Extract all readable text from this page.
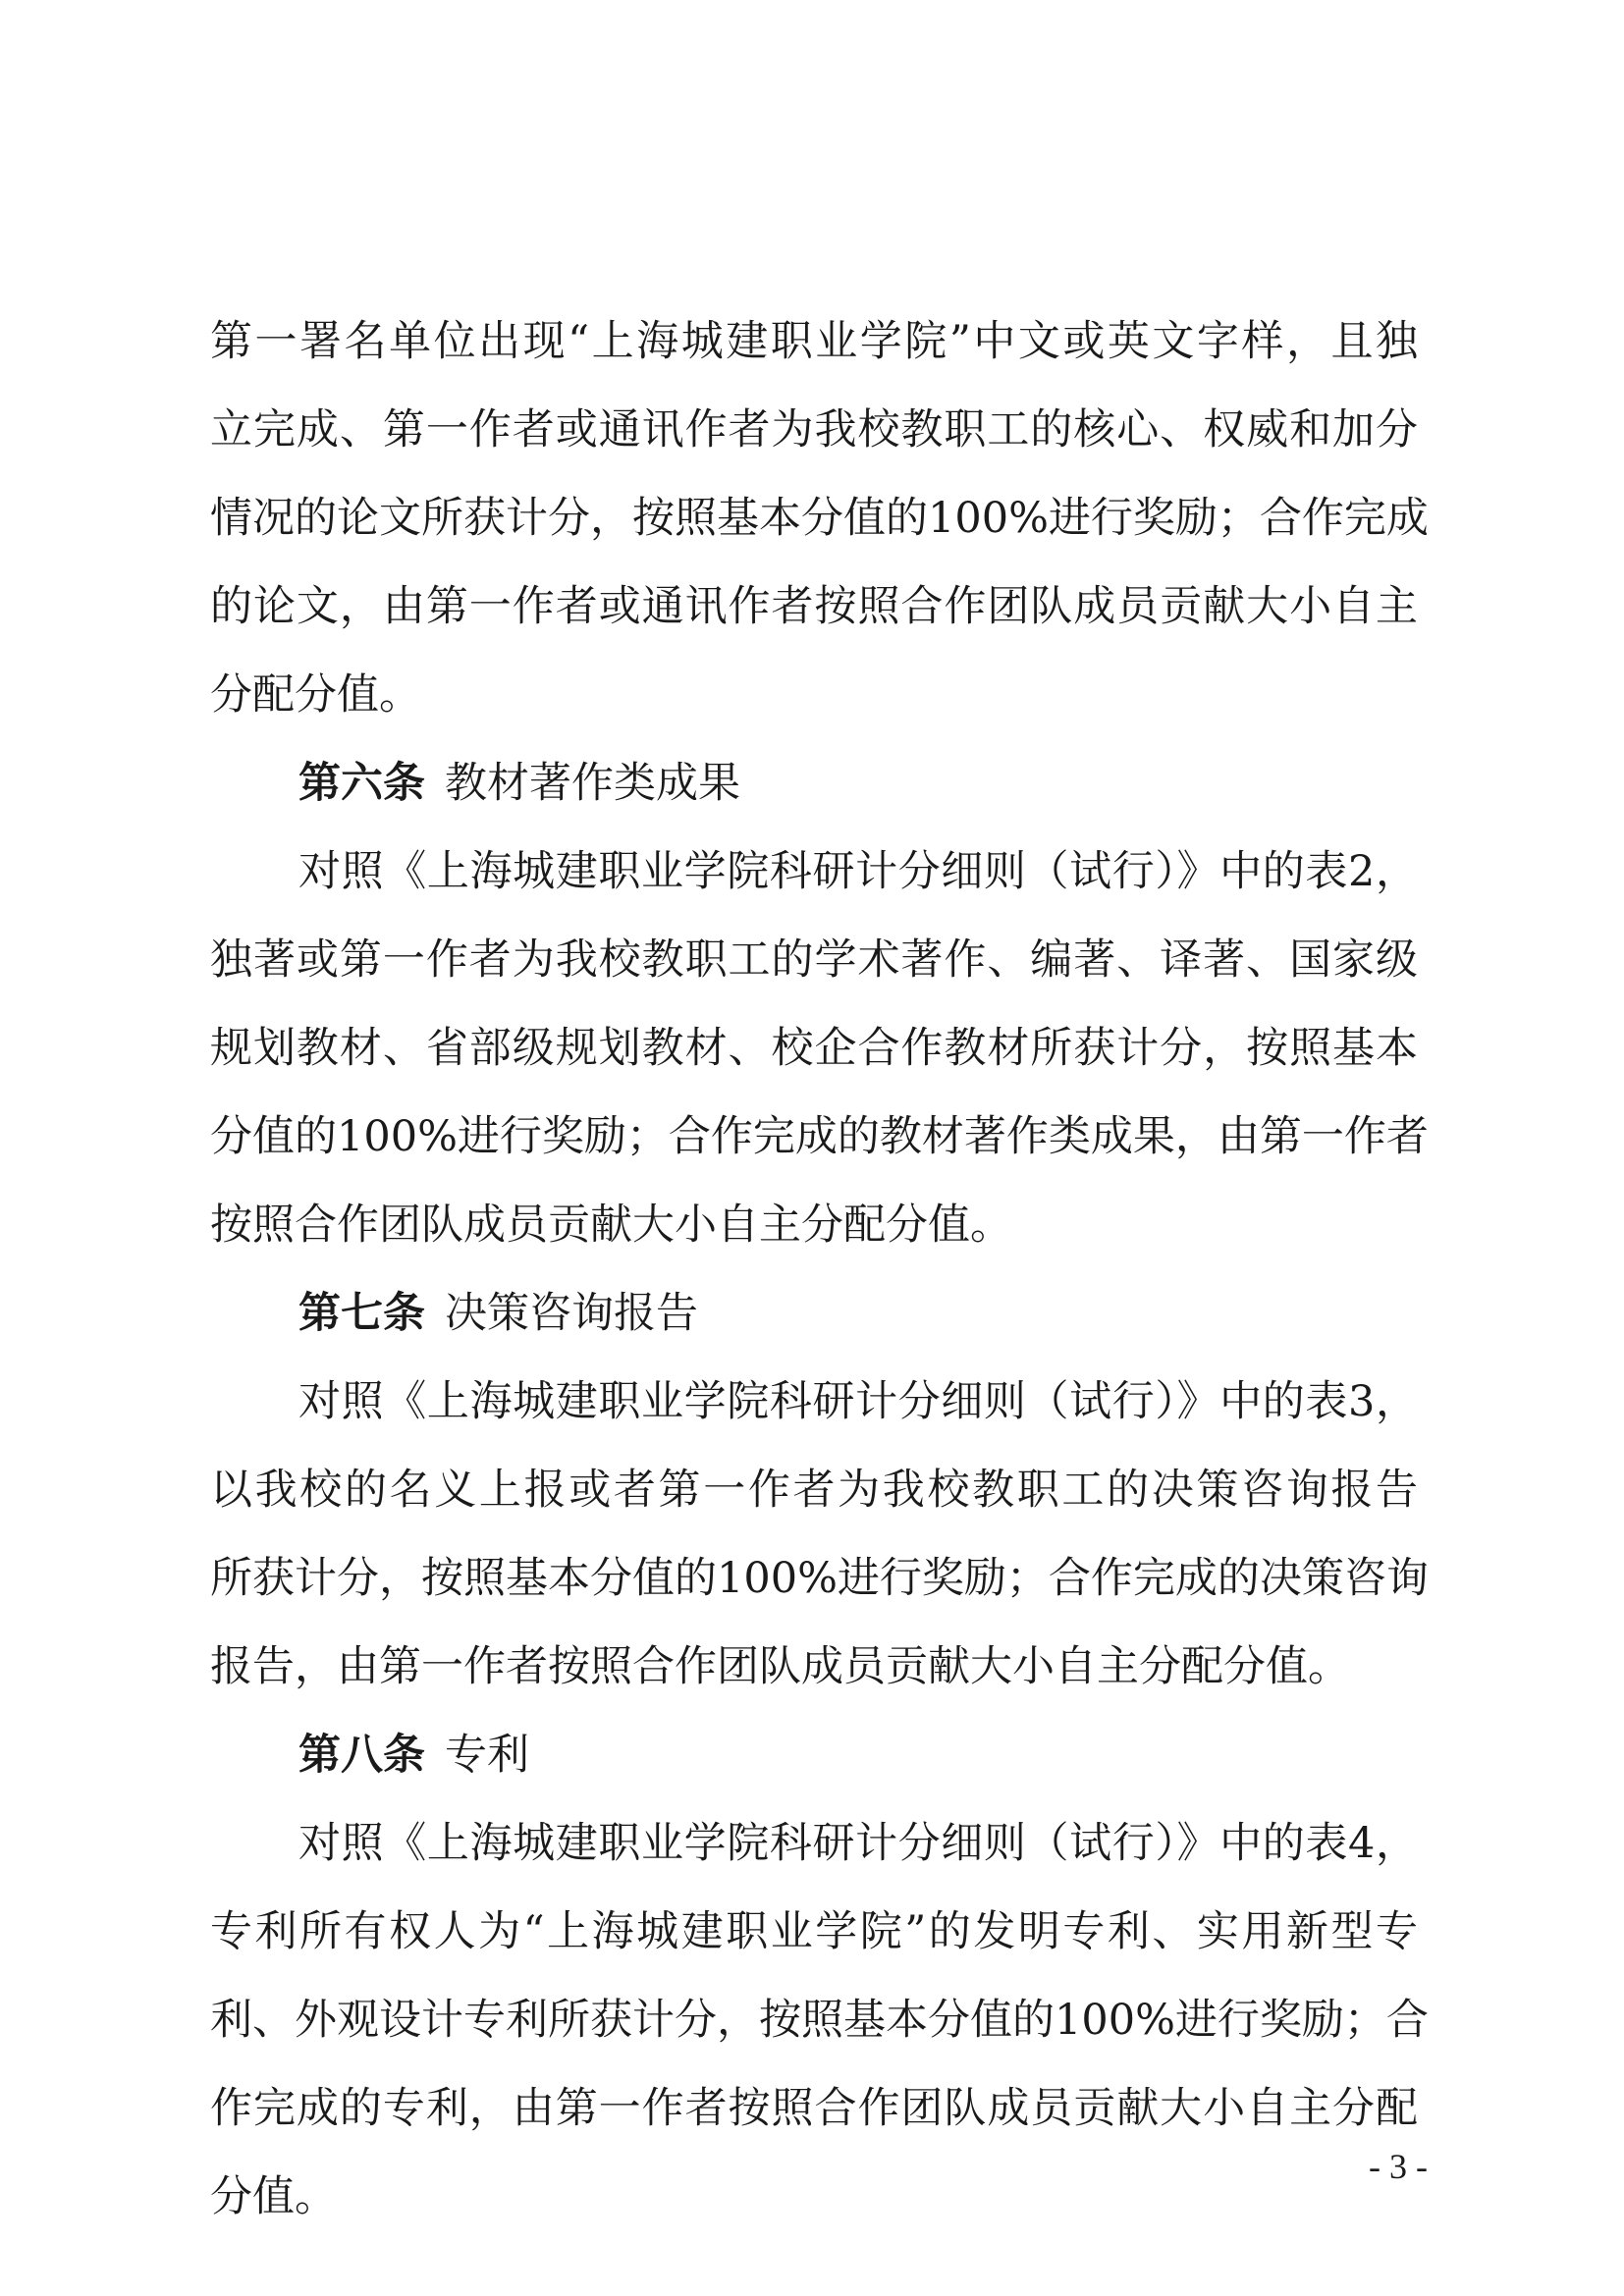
第一署名单位出现“上海城建职业学院”中文或英文字样，且独
立完成、第一作者或通讯作者为我校教职工的核心、权威和加分
情况的论文所获计分，按照基本分值的100%进行奖励；合作完成
的论文，由第一作者或通讯作者按照合作团队成员贡献大小自主
分配分值。
第六条 教材著作类成果
对照《上海城建职业学院科研计分细则（试行）》中的表2，
独著或第一作者为我校教职工的学术著作、编著、译著、国家级
规划教材、省部级规划教材、校企合作教材所获计分，按照基本
分值的100%进行奖励；合作完成的教材著作类成果，由第一作者
按照合作团队成员贡献大小自主分配分值。
第七条 决策咨询报告
对照《上海城建职业学院科研计分细则（试行）》中的表3，
以我校的名义上报或者第一作者为我校教职工的决策咨询报告
所获计分，按照基本分值的100%进行奖励；合作完成的决策咨询
报告，由第一作者按照合作团队成员贡献大小自主分配分值。
第八条 专利
对照《上海城建职业学院科研计分细则（试行）》中的表4，
专利所有权人为“上海城建职业学院”的发明专利、实用新型专
利、外观设计专利所获计分，按照基本分值的100%进行奖励；合
作完成的专利，由第一作者按照合作团队成员贡献大小自主分配
分值。
- 3 -
